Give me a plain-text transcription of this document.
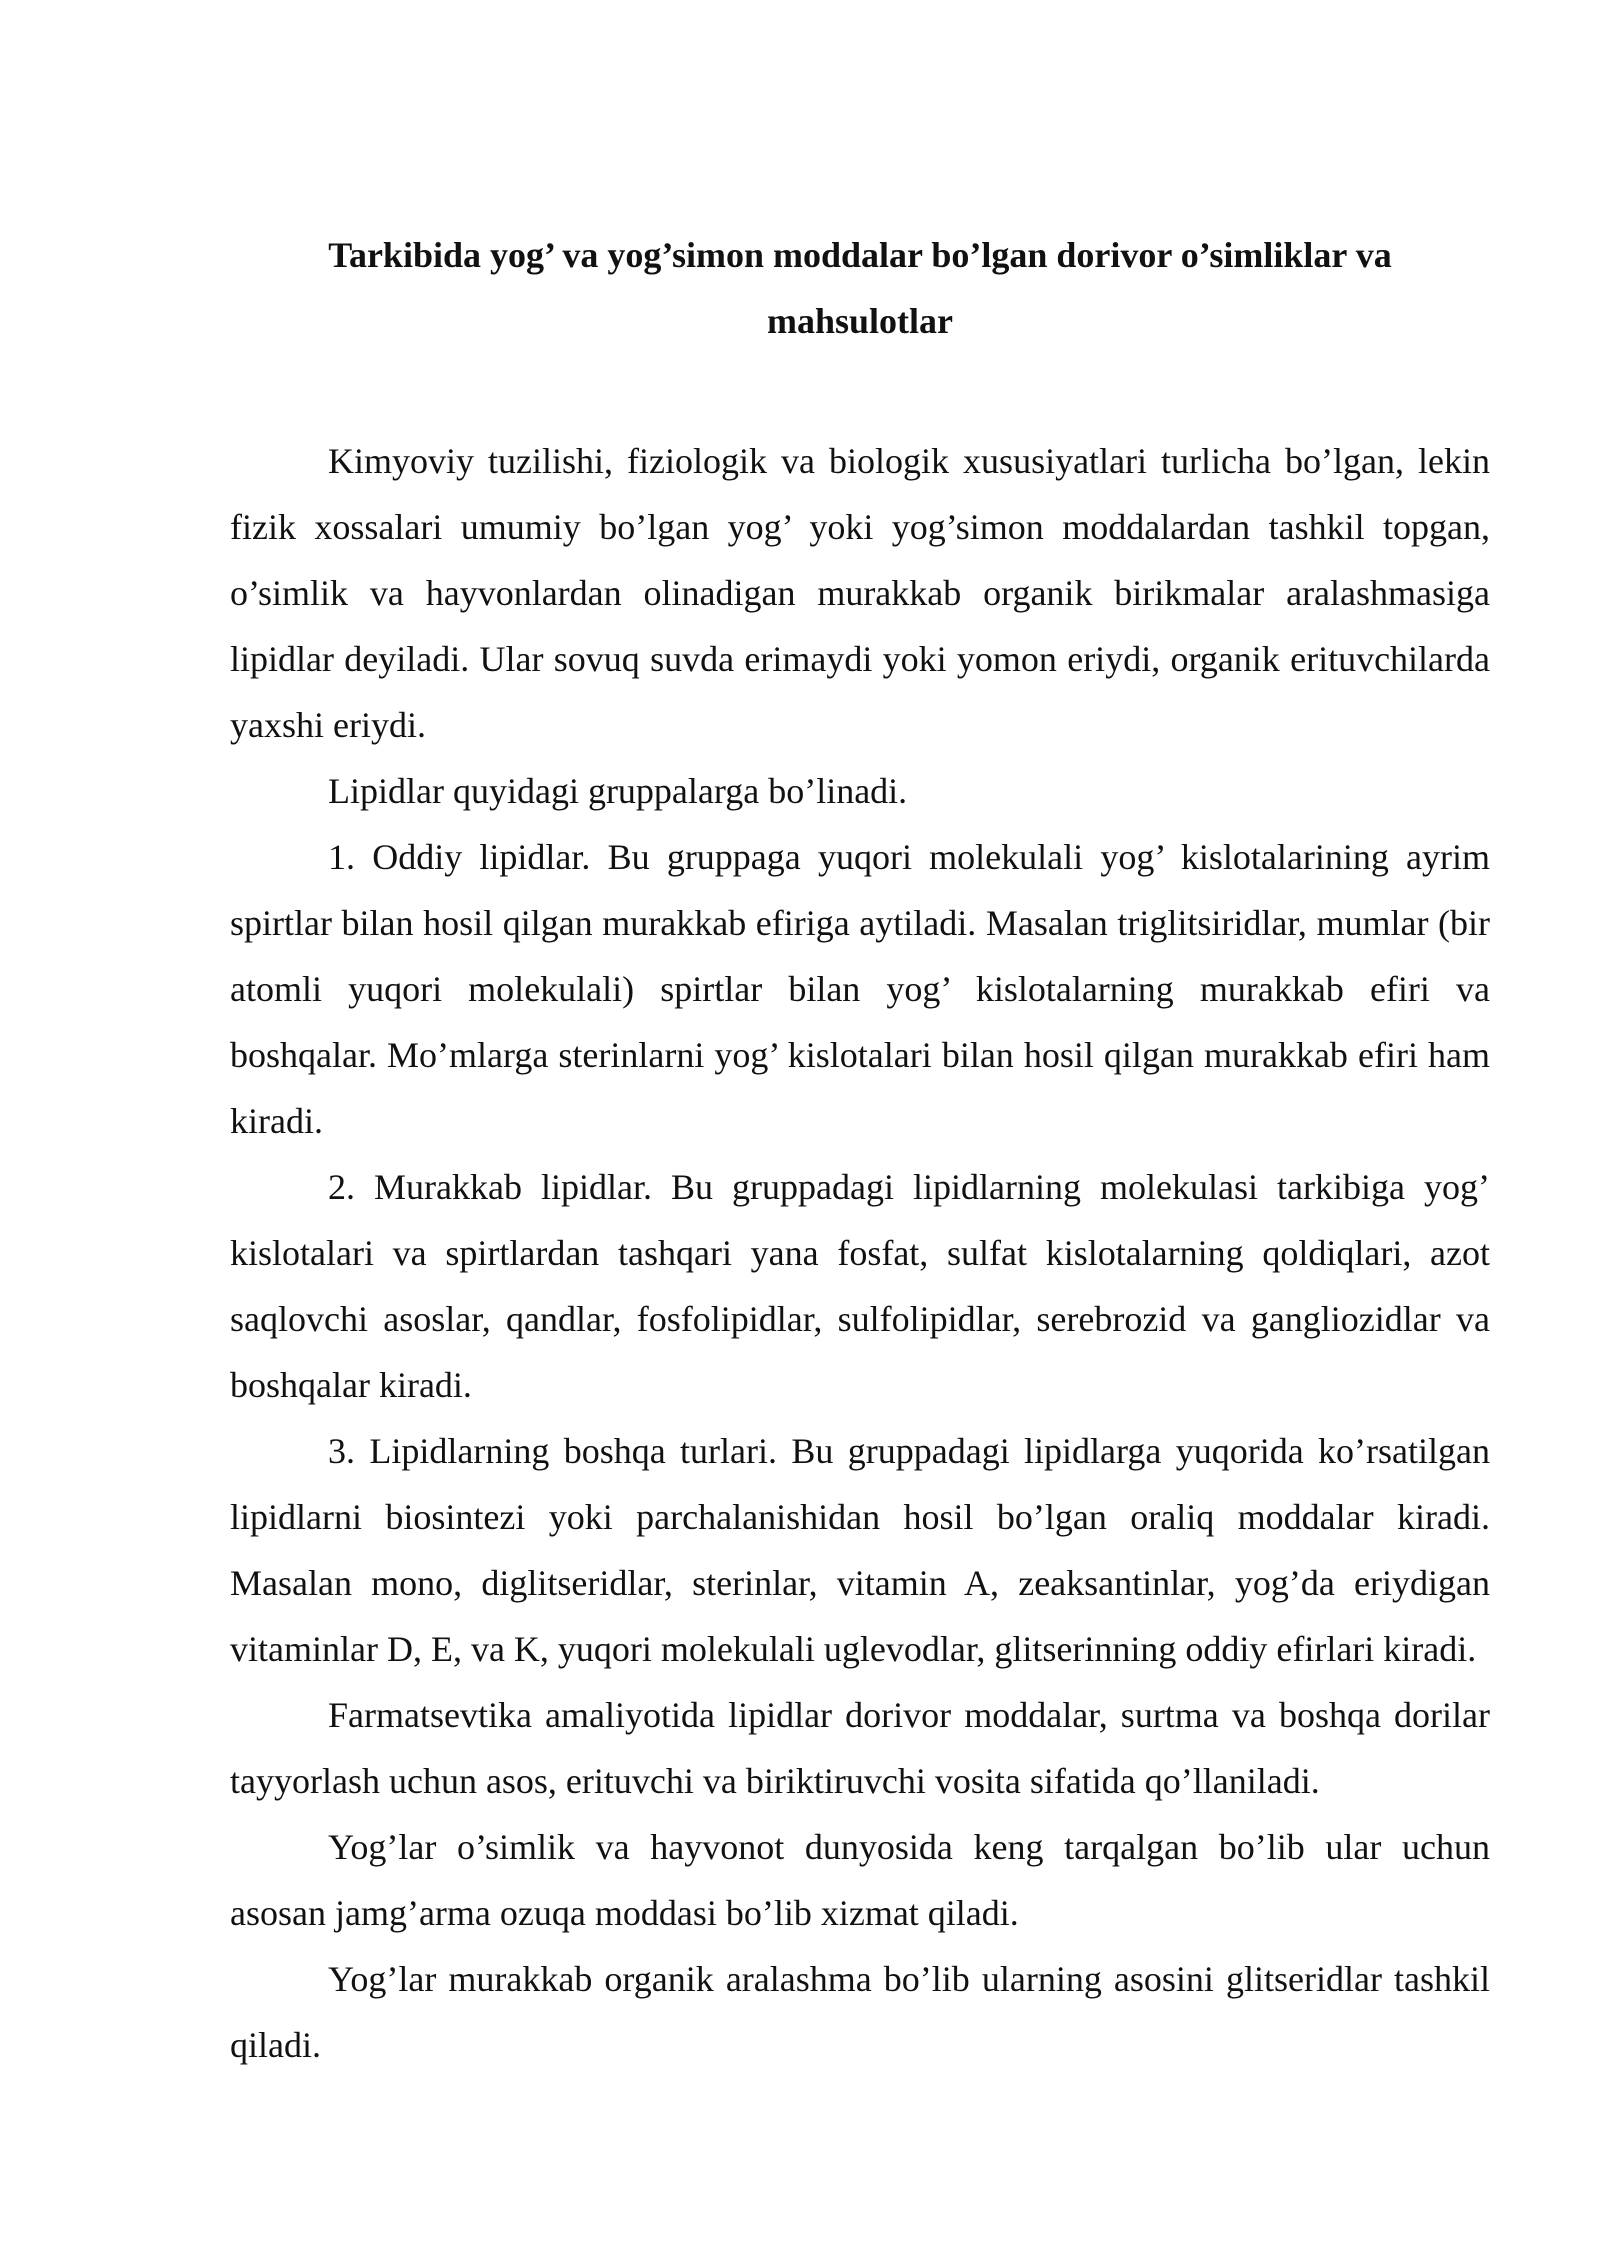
Tarkibida yog’ va yog’simon moddalar bo’lgan dorivor o’simliklar va mahsulotlar

Kimyoviy tuzilishi, fiziologik va biologik xususiyatlari turlicha bo’lgan, lekin fizik xossalari umumiy bo’lgan yog’ yoki yog’simon moddalardan tashkil topgan, o’simlik va hayvonlardan olinadigan murakkab organik birikmalar aralashmasiga lipidlar deyiladi. Ular sovuq suvda erimaydi yoki yomon eriydi, organik erituvchilarda yaxshi eriydi.

Lipidlar quyidagi gruppalarga bo’linadi.

1. Oddiy lipidlar. Bu gruppaga yuqori molekulali yog’ kislotalarining ayrim spirtlar bilan hosil qilgan murakkab efiriga aytiladi. Masalan triglitsiridlar, mumlar (bir atomli yuqori molekulali) spirtlar bilan yog’ kislotalarning murakkab efiri va boshqalar. Mo’mlarga sterinlarni yog’ kislotalari bilan hosil qilgan murakkab efiri ham kiradi.

2. Murakkab lipidlar. Bu gruppadagi lipidlarning molekulasi tarkibiga yog’ kislotalari va spirtlardan tashqari yana fosfat, sulfat kislotalarning qoldiqlari, azot saqlovchi asoslar, qandlar, fosfolipidlar, sulfolipidlar, serebrozid va gangliozidlar va boshqalar kiradi.

3. Lipidlarning boshqa turlari. Bu gruppadagi lipidlarga yuqorida ko’rsatilgan lipidlarni biosintezi yoki parchalanishidan hosil bo’lgan oraliq moddalar kiradi. Masalan mono, diglitseridlar, sterinlar, vitamin A, zeaksantinlar, yog’da eriydigan vitaminlar D, E, va K, yuqori molekulali uglevodlar, glitserinning oddiy efirlari kiradi.

Farmatsevtika amaliyotida lipidlar dorivor moddalar, surtma va boshqa dorilar tayyorlash uchun asos, erituvchi va biriktiruvchi vosita sifatida qo’llaniladi.

Yog’lar o’simlik va hayvonot dunyosida keng tarqalgan bo’lib ular uchun asosan jamg’arma ozuqa moddasi bo’lib xizmat qiladi.

Yog’lar murakkab organik aralashma bo’lib ularning asosini glitseridlar tashkil qiladi.
